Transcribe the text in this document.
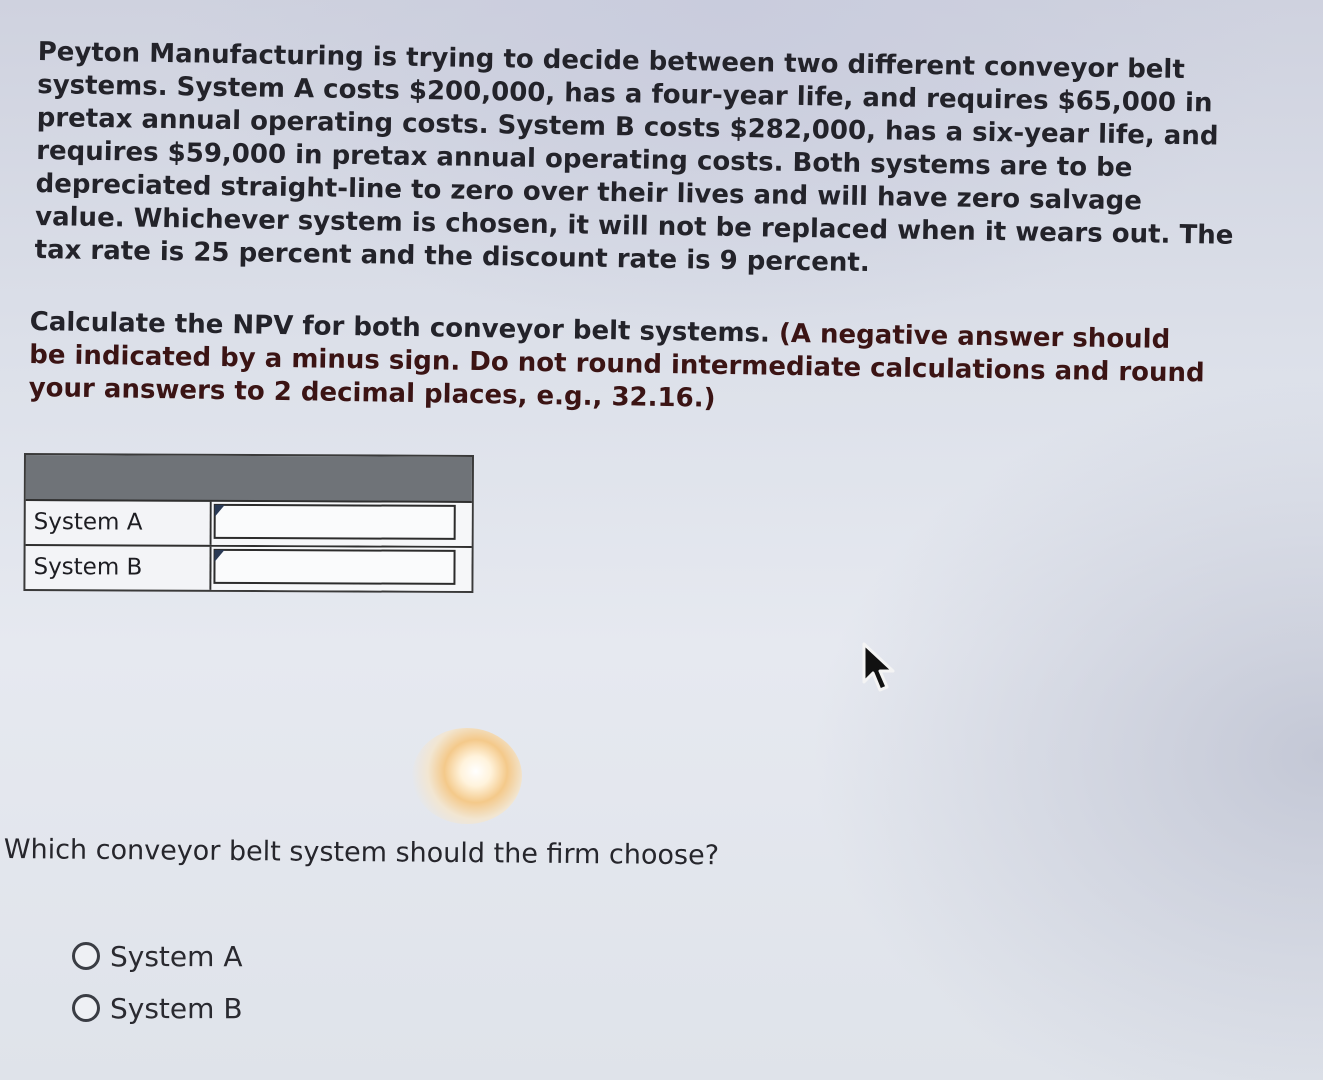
Peyton Manufacturing is trying to decide between two different conveyor belt systems. System A costs $200,000, has a four-year life, and requires $65,000 in pretax annual operating costs. System B costs $282,000, has a six-year life, and requires $59,000 in pretax annual operating costs. Both systems are to be depreciated straight-line to zero over their lives and will have zero salvage value. Whichever system is chosen, it will not be replaced when it wears out. The tax rate is 25 percent and the discount rate is 9 percent.

Calculate the NPV for both conveyor belt systems. (A negative answer should be indicated by a minus sign. Do not round intermediate calculations and round your answers to 2 decimal places, e.g., 32.16.)

System A
System B

Which conveyor belt system should the firm choose?

System A
System B
